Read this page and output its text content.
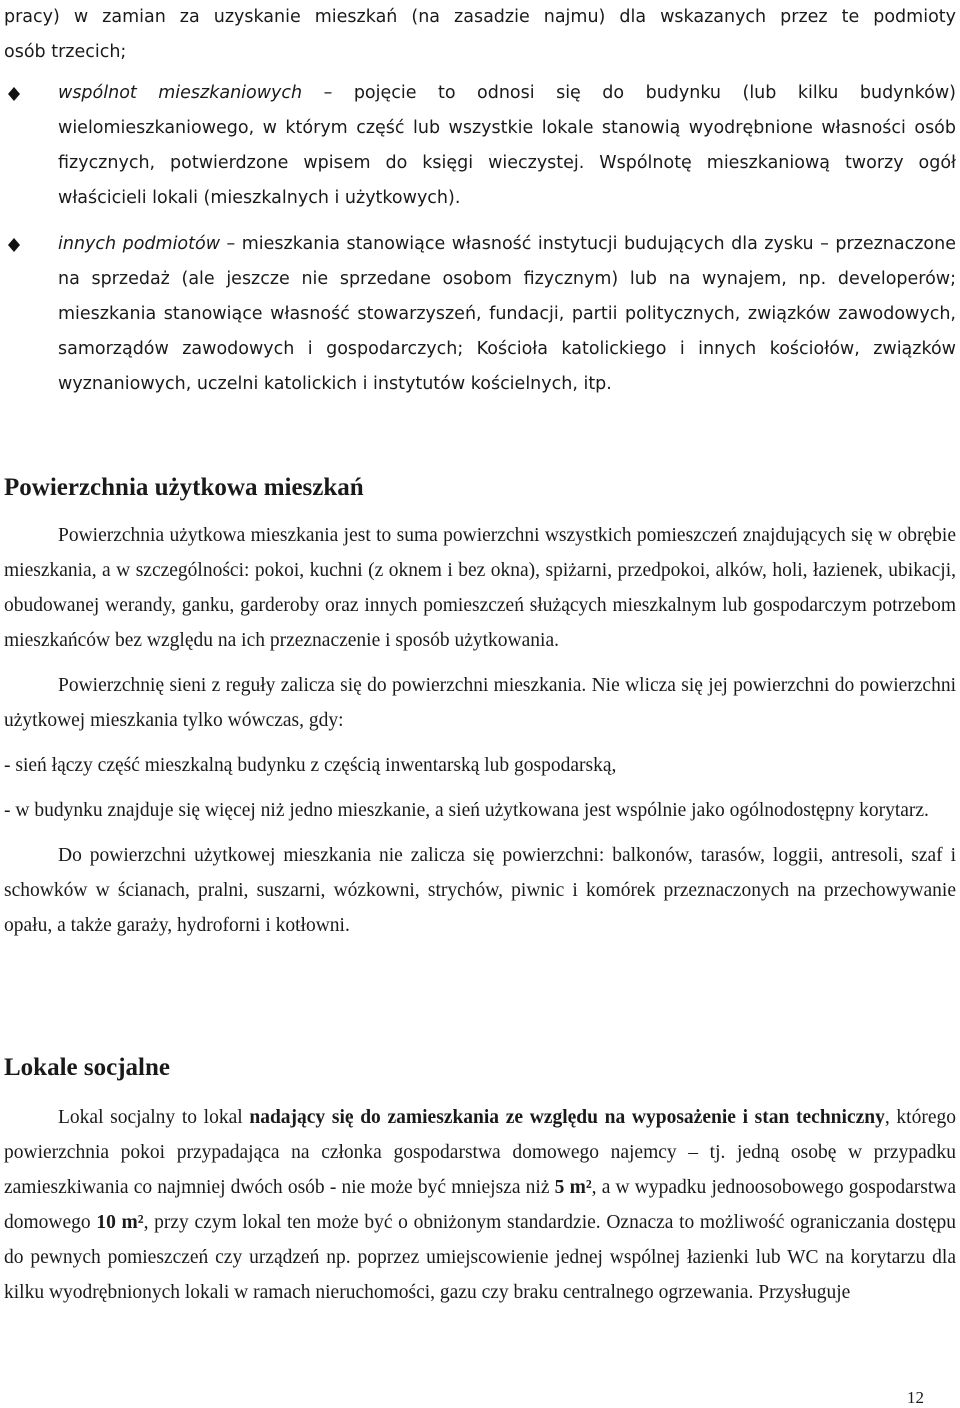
pracy) w zamian za uzyskanie mieszkań (na zasadzie najmu) dla wskazanych przez te podmioty

osób trzecich;

wspólnot mieszkaniowych – pojęcie to odnosi się do budynku (lub kilku budynków) wielomieszkaniowego, w którym część lub wszystkie lokale stanowią wyodrębnione własności osób fizycznych, potwierdzone wpisem do księgi wieczystej. Wspólnotę mieszkaniową tworzy ogół właścicieli lokali (mieszkalnych i użytkowych).

innych podmiotów – mieszkania stanowiące własność instytucji budujących dla zysku – przeznaczone na sprzedaż (ale jeszcze nie sprzedane osobom fizycznym) lub na wynajem, np. developerów; mieszkania stanowiące własność stowarzyszeń, fundacji, partii politycznych, związków zawodowych, samorządów zawodowych i gospodarczych; Kościoła katolickiego i innych kościołów, związków wyznaniowych, uczelni katolickich i instytutów kościelnych, itp.

Powierzchnia użytkowa mieszkań

Powierzchnia użytkowa mieszkania jest to suma powierzchni wszystkich pomieszczeń znajdujących się w obrębie mieszkania, a w szczególności: pokoi, kuchni (z oknem i bez okna), spiżarni, przedpokoi, alków, holi, łazienek, ubikacji, obudowanej werandy, ganku, garderoby oraz innych pomieszczeń służących mieszkalnym lub gospodarczym potrzebom mieszkańców bez względu na ich przeznaczenie i sposób użytkowania.

Powierzchnię sieni z reguły zalicza się do powierzchni mieszkania. Nie wlicza się jej powierzchni do powierzchni użytkowej mieszkania tylko wówczas, gdy:

- sień łączy część mieszkalną budynku z częścią inwentarską lub gospodarską,

- w budynku znajduje się więcej niż jedno mieszkanie, a sień użytkowana jest wspólnie jako ogólnodostępny korytarz.

Do powierzchni użytkowej mieszkania nie zalicza się powierzchni: balkonów, tarasów, loggii, antresoli, szaf i schowków w ścianach, pralni, suszarni, wózkowni, strychów, piwnic i komórek przeznaczonych na przechowywanie opału, a także garaży, hydroforni i kotłowni.

Lokale socjalne

Lokal socjalny to lokal nadający się do zamieszkania ze względu na wyposażenie i stan techniczny, którego powierzchnia pokoi przypadająca na członka gospodarstwa domowego najemcy – tj. jedną osobę w przypadku zamieszkiwania co najmniej dwóch osób - nie może być mniejsza niż 5 m², a w wypadku jednoosobowego gospodarstwa domowego 10 m², przy czym lokal ten może być o obniżonym standardzie. Oznacza to możliwość ograniczania dostępu do pewnych pomieszczeń czy urządzeń np. poprzez umiejscowienie jednej wspólnej łazienki lub WC na korytarzu dla kilku wyodrębnionych lokali w ramach nieruchomości, gazu czy braku centralnego ogrzewania. Przysługuje

12
